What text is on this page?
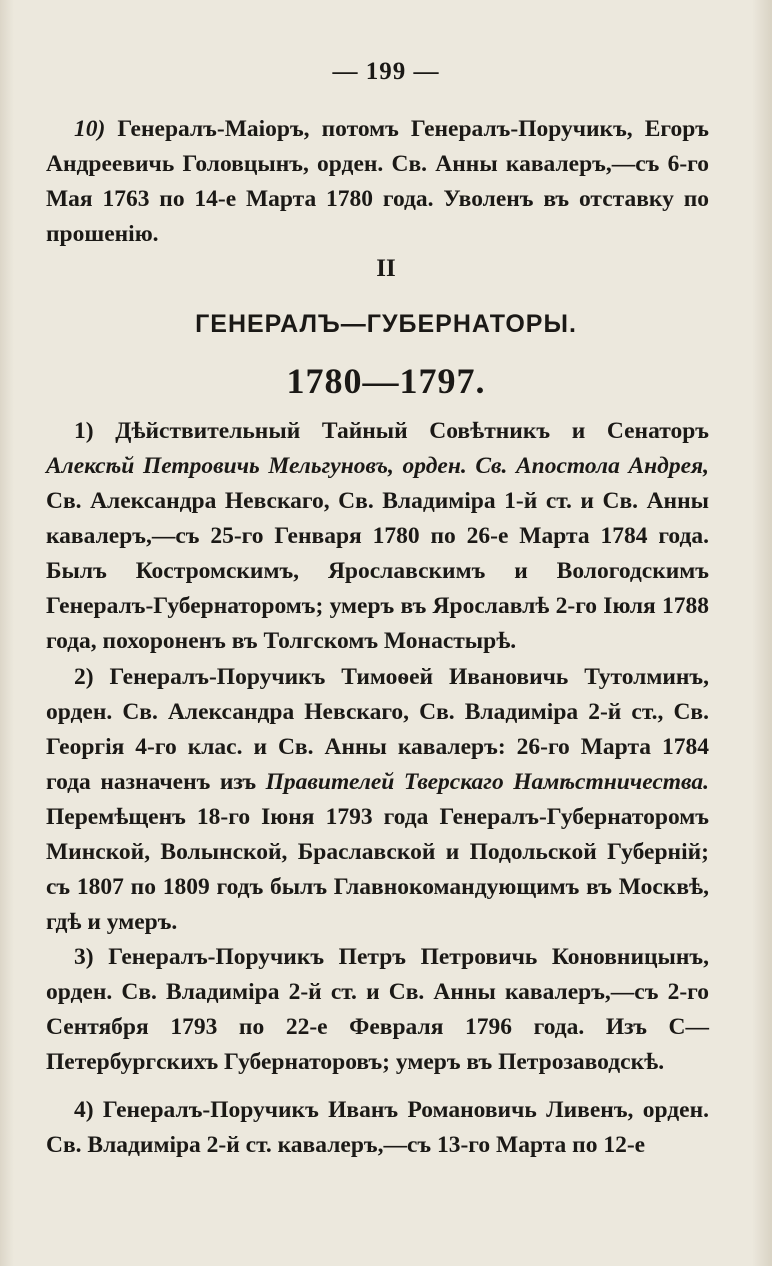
— 199 —

10) Генералъ-Маіоръ, потомъ Генералъ-Поручикъ, Егоръ Андреевичь Головцынъ, орден. Св. Анны кавалеръ,—съ 6-го Мая 1763 по 14-е Марта 1780 года. Уволенъ въ отставку по прошенію.

II
ГЕНЕРАЛЪ—ГУБЕРНАТОРЫ.
1780—1797.

1) Дѣйствительный Тайный Совѣтникъ и Сенаторъ Алексѣй Петровичь Мельгуновъ, орден. Св. Апостола Андрея, Св. Александра Невскаго, Св. Владиміра 1-й ст. и Св. Анны кавалеръ,—съ 25-го Генваря 1780 по 26-е Марта 1784 года. Былъ Костромскимъ, Ярославскимъ и Вологодскимъ Генералъ-Губернаторомъ; умеръ въ Ярославлѣ 2-го Іюля 1788 года, похороненъ въ Толгскомъ Монастырѣ.

2) Генералъ-Поручикъ Тимоѳей Ивановичь Тутолминъ, орден. Св. Александра Невскаго, Св. Владиміра 2-й ст., Св. Георгія 4-го клас. и Св. Анны кавалеръ: 26-го Марта 1784 года назначенъ изъ Правителей Тверскаго Намѣстничества. Перемѣщенъ 18-го Іюня 1793 года Генералъ-Губернаторомъ Минской, Волынской, Браславской и Подольской Губерній; съ 1807 по 1809 годъ былъ Главнокомандующимъ въ Москвѣ, гдѣ и умеръ.

3) Генералъ-Поручикъ Петръ Петровичь Коновницынъ, орден. Св. Владиміра 2-й ст. и Св. Анны кавалеръ,—съ 2-го Сентября 1793 по 22-е Февраля 1796 года. Изъ С—Петербургскихъ Губернаторовъ; умеръ въ Петрозаводскѣ.

4) Генералъ-Поручикъ Иванъ Романовичь Ливенъ, орден. Св. Владиміра 2-й ст. кавалеръ,—съ 13-го Марта по 12-е
